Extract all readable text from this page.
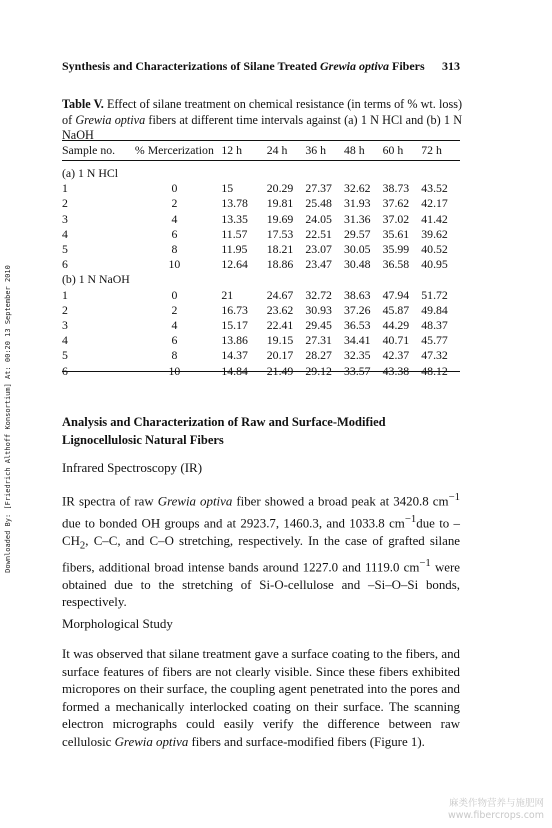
Synthesis and Characterizations of Silane Treated Grewia optiva Fibers 313
Table V. Effect of silane treatment on chemical resistance (in terms of % wt. loss) of Grewia optiva fibers at different time intervals against (a) 1 N HCl and (b) 1 N NaOH
Sample no.	% Mercerization	12 h	24 h	36 h	48 h	60 h	72 h

(a) 1 N HCl							
1	0	15	20.29	27.37	32.62	38.73	43.52
2	2	13.78	19.81	25.48	31.93	37.62	42.17
3	4	13.35	19.69	24.05	31.36	37.02	41.42
4	6	11.57	17.53	22.51	29.57	35.61	39.62
5	8	11.95	18.21	23.07	30.05	35.99	40.52
6	10	12.64	18.86	23.47	30.48	36.58	40.95
(b) 1 N NaOH							
1	0	21	24.67	32.72	38.63	47.94	51.72
2	2	16.73	23.62	30.93	37.26	45.87	49.84
3	4	15.17	22.41	29.45	36.53	44.29	48.37
4	6	13.86	19.15	27.31	34.41	40.71	45.77
5	8	14.37	20.17	28.27	32.35	42.37	47.32
6	10	14.84	21.49	29.12	33.57	43.38	48.12
Analysis and Characterization of Raw and Surface-Modified
Lignocellulosic Natural Fibers
Infrared Spectroscopy (IR)
IR spectra of raw Grewia optiva fiber showed a broad peak at 3420.8 $cm^{-1}$ due to bonded OH groups and at 2923.7, 1460.3, and 1033.8 $cm^{-1}due$ to $-CH_2$, C–C, and C–O stretching, respectively. In the case of grafted silane fibers, additional broad intense bands around 1227.0 and 1119.0 $cm^{-1}$ were obtained due to the stretching of Si-O-cellulose and –Si–O–Si bonds, respectively.
Morphological Study
It was observed that silane treatment gave a surface coating to the fibers, and surface features of fibers are not clearly visible. Since these fibers exhibited micropores on their surface, the coupling agent penetrated into the pores and formed a mechanically interlocked coating on their surface. The scanning electron micrographs could easily verify the difference between raw cellulosic Grewia optiva fibers and surface-modified fibers (Figure 1).
Downloaded By: [Friedrich Althoff Konsortium] At: 00:20 13 September 2010
麻类作物营养与施肥网
www.fibercrops.com
